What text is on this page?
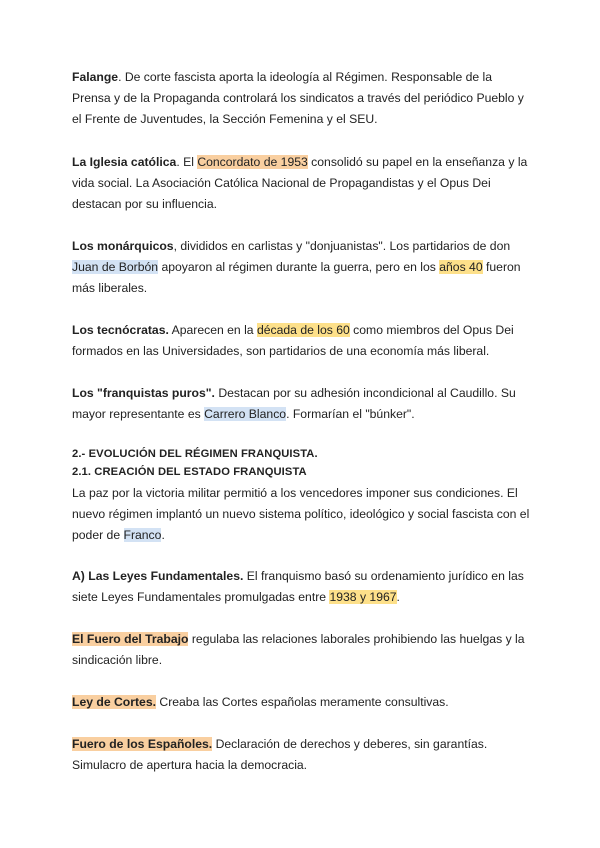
Falange. De corte fascista aporta la ideología al Régimen. Responsable de la Prensa y de la Propaganda controlará los sindicatos a través del periódico Pueblo y el Frente de Juventudes, la Sección Femenina y el SEU.

La Iglesia católica. El Concordato de 1953 consolidó su papel en la enseñanza y la vida social. La Asociación Católica Nacional de Propagandistas y el Opus Dei destacan por su influencia.

Los monárquicos, divididos en carlistas y "donjuanistas". Los partidarios de don Juan de Borbón apoyaron al régimen durante la guerra, pero en los años 40 fueron más liberales.

Los tecnócratas. Aparecen en la década de los 60 como miembros del Opus Dei formados en las Universidades, son partidarios de una economía más liberal.

Los "franquistas puros". Destacan por su adhesión incondicional al Caudillo. Su mayor representante es Carrero Blanco. Formarían el "búnker".

2.- EVOLUCIÓN DEL RÉGIMEN FRANQUISTA.

2.1. CREACIÓN DEL ESTADO FRANQUISTA

La paz por la victoria militar permitió a los vencedores imponer sus condiciones. El nuevo régimen implantó un nuevo sistema político, ideológico y social fascista con el poder de Franco.

A) Las Leyes Fundamentales. El franquismo basó su ordenamiento jurídico en las siete Leyes Fundamentales promulgadas entre 1938 y 1967.

El Fuero del Trabajo regulaba las relaciones laborales prohibiendo las huelgas y la sindicación libre.

Ley de Cortes. Creaba las Cortes españolas meramente consultivas.

Fuero de los Españoles. Declaración de derechos y deberes, sin garantías. Simulacro de apertura hacia la democracia.
